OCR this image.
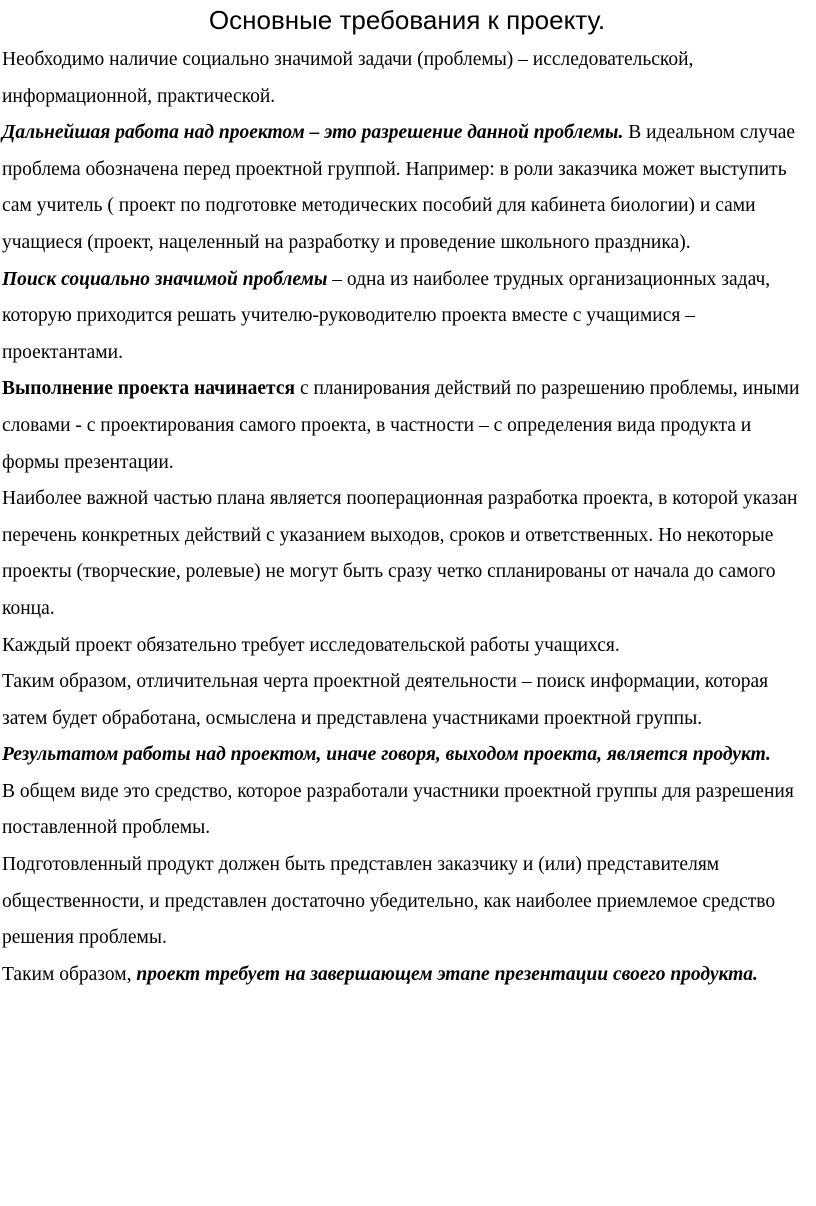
Основные требования к проекту.

Необходимо наличие социально значимой задачи (проблемы) – исследовательской, информационной, практической.

Дальнейшая работа над проектом – это разрешение данной проблемы. В идеальном случае проблема обозначена перед проектной группой. Например: в роли заказчика может выступить сам учитель ( проект по подготовке методических пособий для кабинета биологии) и сами учащиеся (проект, нацеленный на разработку и проведение школьного праздника).

Поиск социально значимой проблемы – одна из наиболее трудных организационных задач, которую приходится решать учителю-руководителю проекта вместе с учащимися – проектантами.

Выполнение проекта начинается с планирования действий по разрешению проблемы, иными словами - с проектирования самого проекта, в частности – с определения вида продукта и формы презентации.

Наиболее важной частью плана является пооперационная разработка проекта, в которой указан перечень конкретных действий с указанием выходов, сроков и ответственных. Но некоторые проекты (творческие, ролевые) не могут быть сразу четко спланированы от начала до самого конца.

Каждый проект обязательно требует исследовательской работы учащихся.

Таким образом, отличительная черта проектной деятельности – поиск информации, которая затем будет обработана, осмыслена и представлена участниками проектной группы.

Результатом работы над проектом, иначе говоря, выходом проекта, является продукт.

В общем виде это средство, которое разработали участники проектной группы для разрешения поставленной проблемы.

Подготовленный продукт должен быть представлен заказчику и (или) представителям общественности, и представлен достаточно убедительно, как наиболее приемлемое средство решения проблемы.

Таким образом, проект требует на завершающем этапе презентации своего продукта.
